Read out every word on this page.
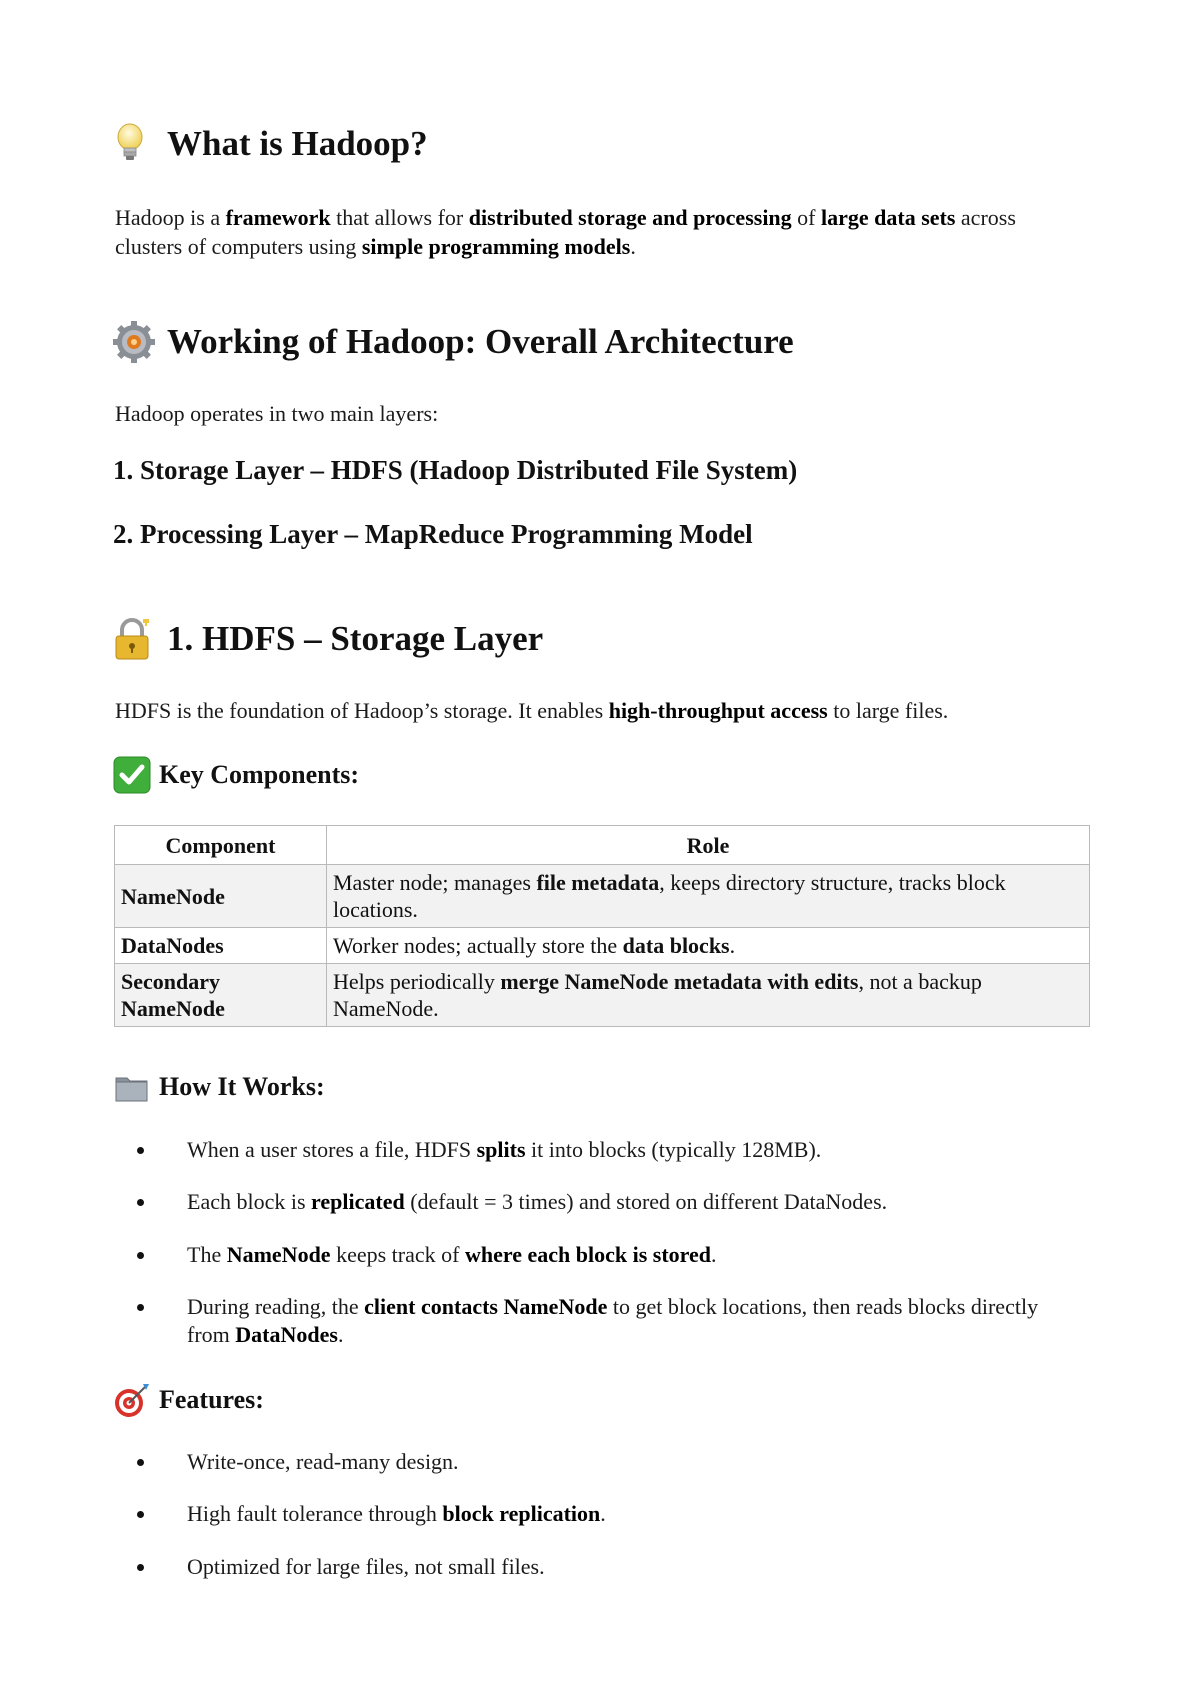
What is Hadoop?
Hadoop is a framework that allows for distributed storage and processing of large data sets across clusters of computers using simple programming models.
Working of Hadoop: Overall Architecture
Hadoop operates in two main layers:
1. Storage Layer – HDFS (Hadoop Distributed File System)
2. Processing Layer – MapReduce Programming Model
1. HDFS – Storage Layer
HDFS is the foundation of Hadoop’s storage. It enables high-throughput access to large files.
Key Components:
Component	Role
NameNode	Master node; manages file metadata, keeps directory structure, tracks block locations.
DataNodes	Worker nodes; actually store the data blocks.
Secondary NameNode	Helps periodically merge NameNode metadata with edits, not a backup NameNode.
How It Works:
When a user stores a file, HDFS splits it into blocks (typically 128MB).
Each block is replicated (default = 3 times) and stored on different DataNodes.
The NameNode keeps track of where each block is stored.
During reading, the client contacts NameNode to get block locations, then reads blocks directly from DataNodes.
Features:
Write-once, read-many design.
High fault tolerance through block replication.
Optimized for large files, not small files.
